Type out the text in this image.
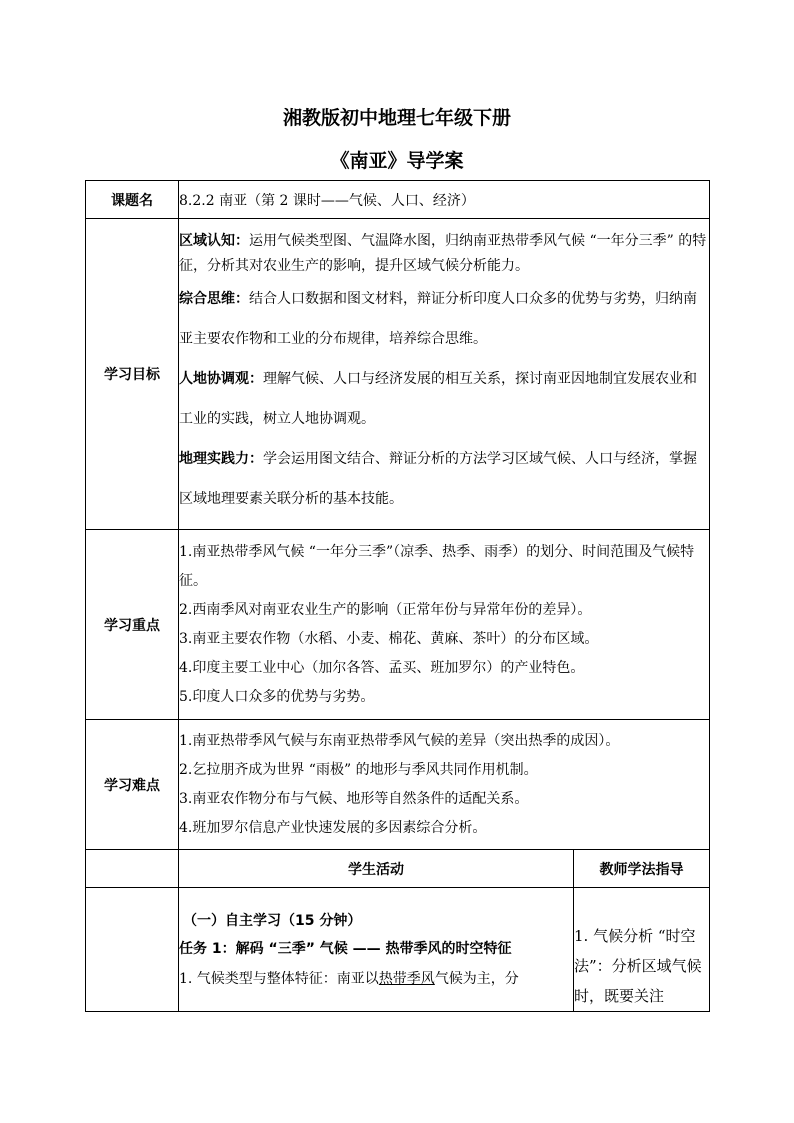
湘教版初中地理七年级下册
《南亚》导学案
课题名	8.2.2 南亚（第 2 课时——气候、人口、经济）	
学习目标	区域认知：运用气候类型图、气温降水图，归纳南亚热带季风气候 “一年分三季” 的特征，分析其对农业生产的影响，提升区域气候分析能力。
综合思维：结合人口数据和图文材料，辩证分析印度人口众多的优势与劣势，归纳南亚主要农作物和工业的分布规律，培养综合思维。
人地协调观：理解气候、人口与经济发展的相互关系，探讨南亚因地制宜发展农业和工业的实践，树立人地协调观。
地理实践力：学会运用图文结合、辩证分析的方法学习区域气候、人口与经济，掌握区域地理要素关联分析的基本技能。	

学习重点	1.南亚热带季风气候 “一年分三季”（凉季、热季、雨季）的划分、时间范围及气候特征。
2.西南季风对南亚农业生产的影响（正常年份与异常年份的差异）。
3.南亚主要农作物（水稻、小麦、棉花、黄麻、茶叶）的分布区域。
4.印度主要工业中心（加尔各答、孟买、班加罗尔）的产业特色。
5.印度人口众多的优势与劣势。	

学习难点	1.南亚热带季风气候与东南亚热带季风气候的差异（突出热季的成因）。
2.乞拉朋齐成为世界 “雨极” 的地形与季风共同作用机制。
3.南亚农作物分布与气候、地形等自然条件的适配关系。
4.班加罗尔信息产业快速发展的多因素综合分析。	

	学生活动	教师学法指导

	（一）自主学习（15 分钟）
任务 1：解码 “三季” 气候 —— 热带季风的时空特征
1. 气候类型与整体特征：南亚以热带季风气候为主，分	1. 气候分析 “时空法”：分析区域气候时，既要关注
